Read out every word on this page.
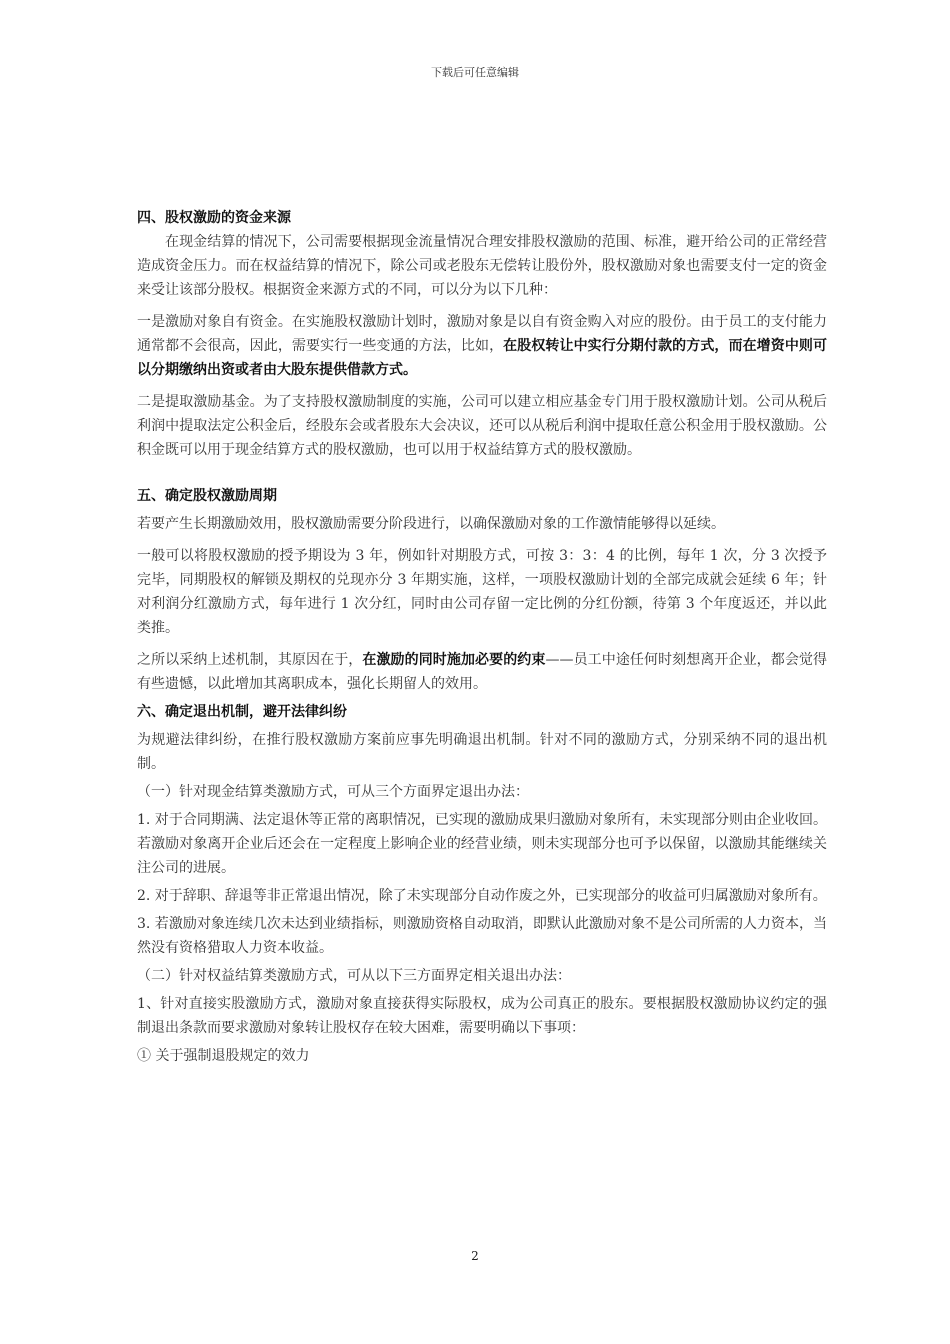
下载后可任意编辑

四、股权激励的资金来源

在现金结算的情况下，公司需要根据现金流量情况合理安排股权激励的范围、标准，避开给公司的正常经营造成资金压力。而在权益结算的情况下，除公司或老股东无偿转让股份外，股权激励对象也需要支付一定的资金来受让该部分股权。根据资金来源方式的不同，可以分为以下几种：

一是激励对象自有资金。在实施股权激励计划时，激励对象是以自有资金购入对应的股份。由于员工的支付能力通常都不会很高，因此，需要实行一些变通的方法，比如，在股权转让中实行分期付款的方式，而在增资中则可以分期缴纳出资或者由大股东提供借款方式。

二是提取激励基金。为了支持股权激励制度的实施，公司可以建立相应基金专门用于股权激励计划。公司从税后利润中提取法定公积金后，经股东会或者股东大会决议，还可以从税后利润中提取任意公积金用于股权激励。公积金既可以用于现金结算方式的股权激励，也可以用于权益结算方式的股权激励。

五、确定股权激励周期

若要产生长期激励效用，股权激励需要分阶段进行，以确保激励对象的工作激情能够得以延续。

一般可以将股权激励的授予期设为 3 年，例如针对期股方式，可按 3：3：4 的比例，每年 1 次，分 3 次授予完毕，同期股权的解锁及期权的兑现亦分 3 年期实施，这样，一项股权激励计划的全部完成就会延续 6 年；针对利润分红激励方式，每年进行 1 次分红，同时由公司存留一定比例的分红份额，待第 3 个年度返还，并以此类推。

之所以采纳上述机制，其原因在于，在激励的同时施加必要的约束——员工中途任何时刻想离开企业，都会觉得有些遗憾，以此增加其离职成本，强化长期留人的效用。

六、确定退出机制，避开法律纠纷

为规避法律纠纷，在推行股权激励方案前应事先明确退出机制。针对不同的激励方式，分别采纳不同的退出机制。

（一）针对现金结算类激励方式，可从三个方面界定退出办法：

1. 对于合同期满、法定退休等正常的离职情况，已实现的激励成果归激励对象所有，未实现部分则由企业收回。若激励对象离开企业后还会在一定程度上影响企业的经营业绩，则未实现部分也可予以保留，以激励其能继续关注公司的进展。

2. 对于辞职、辞退等非正常退出情况，除了未实现部分自动作废之外，已实现部分的收益可归属激励对象所有。

3. 若激励对象连续几次未达到业绩指标，则激励资格自动取消，即默认此激励对象不是公司所需的人力资本，当然没有资格猎取人力资本收益。

（二）针对权益结算类激励方式，可从以下三方面界定相关退出办法：

1、针对直接实股激励方式，激励对象直接获得实际股权，成为公司真正的股东。要根据股权激励协议约定的强制退出条款而要求激励对象转让股权存在较大困难，需要明确以下事项：

① 关于强制退股规定的效力

2
